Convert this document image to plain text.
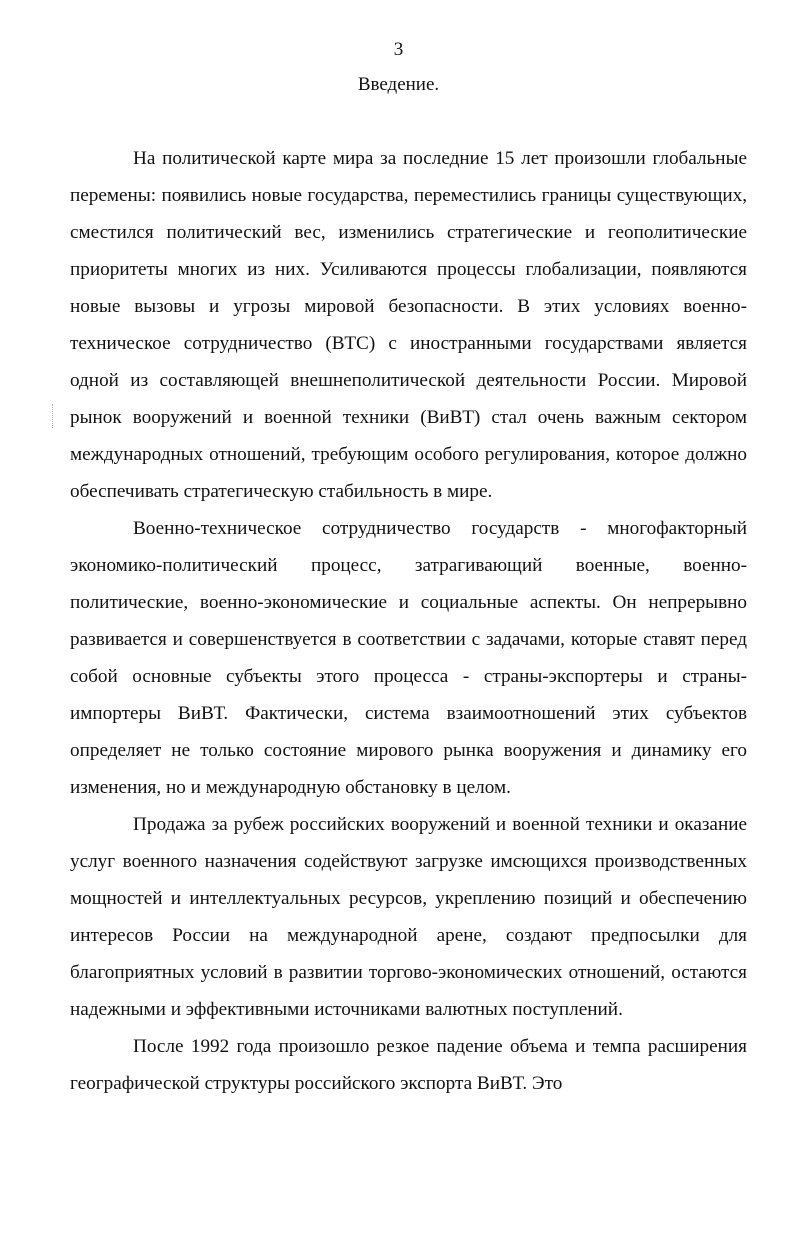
3
Введение.

На политической карте мира за последние 15 лет произошли глобальные перемены: появились новые государства, переместились границы существующих, сместился политический вес, изменились стратегические и геополитические приоритеты многих из них. Усиливаются процессы глобализации, появляются новые вызовы и угрозы мировой безопасности. В этих условиях военно-техническое сотрудничество (ВТС) с иностранными государствами является одной из составляющей внешнеполитической деятельности России. Мировой рынок вооружений и военной техники (ВиВТ) стал очень важным сектором международных отношений, требующим особого регулирования, которое должно обеспечивать стратегическую стабильность в мире.

Военно-техническое сотрудничество государств - многофакторный экономико-политический процесс, затрагивающий военные, военно-политические, военно-экономические и социальные аспекты. Он непрерывно развивается и совершенствуется в соответствии с задачами, которые ставят перед собой основные субъекты этого процесса - страны-экспортеры и страны-импортеры ВиВТ. Фактически, система взаимоотношений этих субъектов определяет не только состояние мирового рынка вооружения и динамику его изменения, но и международную обстановку в целом.

Продажа за рубеж российских вооружений и военной техники и оказание услуг военного назначения содействуют загрузке имсющихся производственных мощностей и интеллектуальных ресурсов, укреплению позиций и обеспечению интересов России на международной арене, создают предпосылки для благоприятных условий в развитии торгово-экономических отношений, остаются надежными и эффективными источниками валютных поступлений.

После 1992 года произошло резкое падение объема и темпа расширения географической структуры российского экспорта ВиВТ. Это
